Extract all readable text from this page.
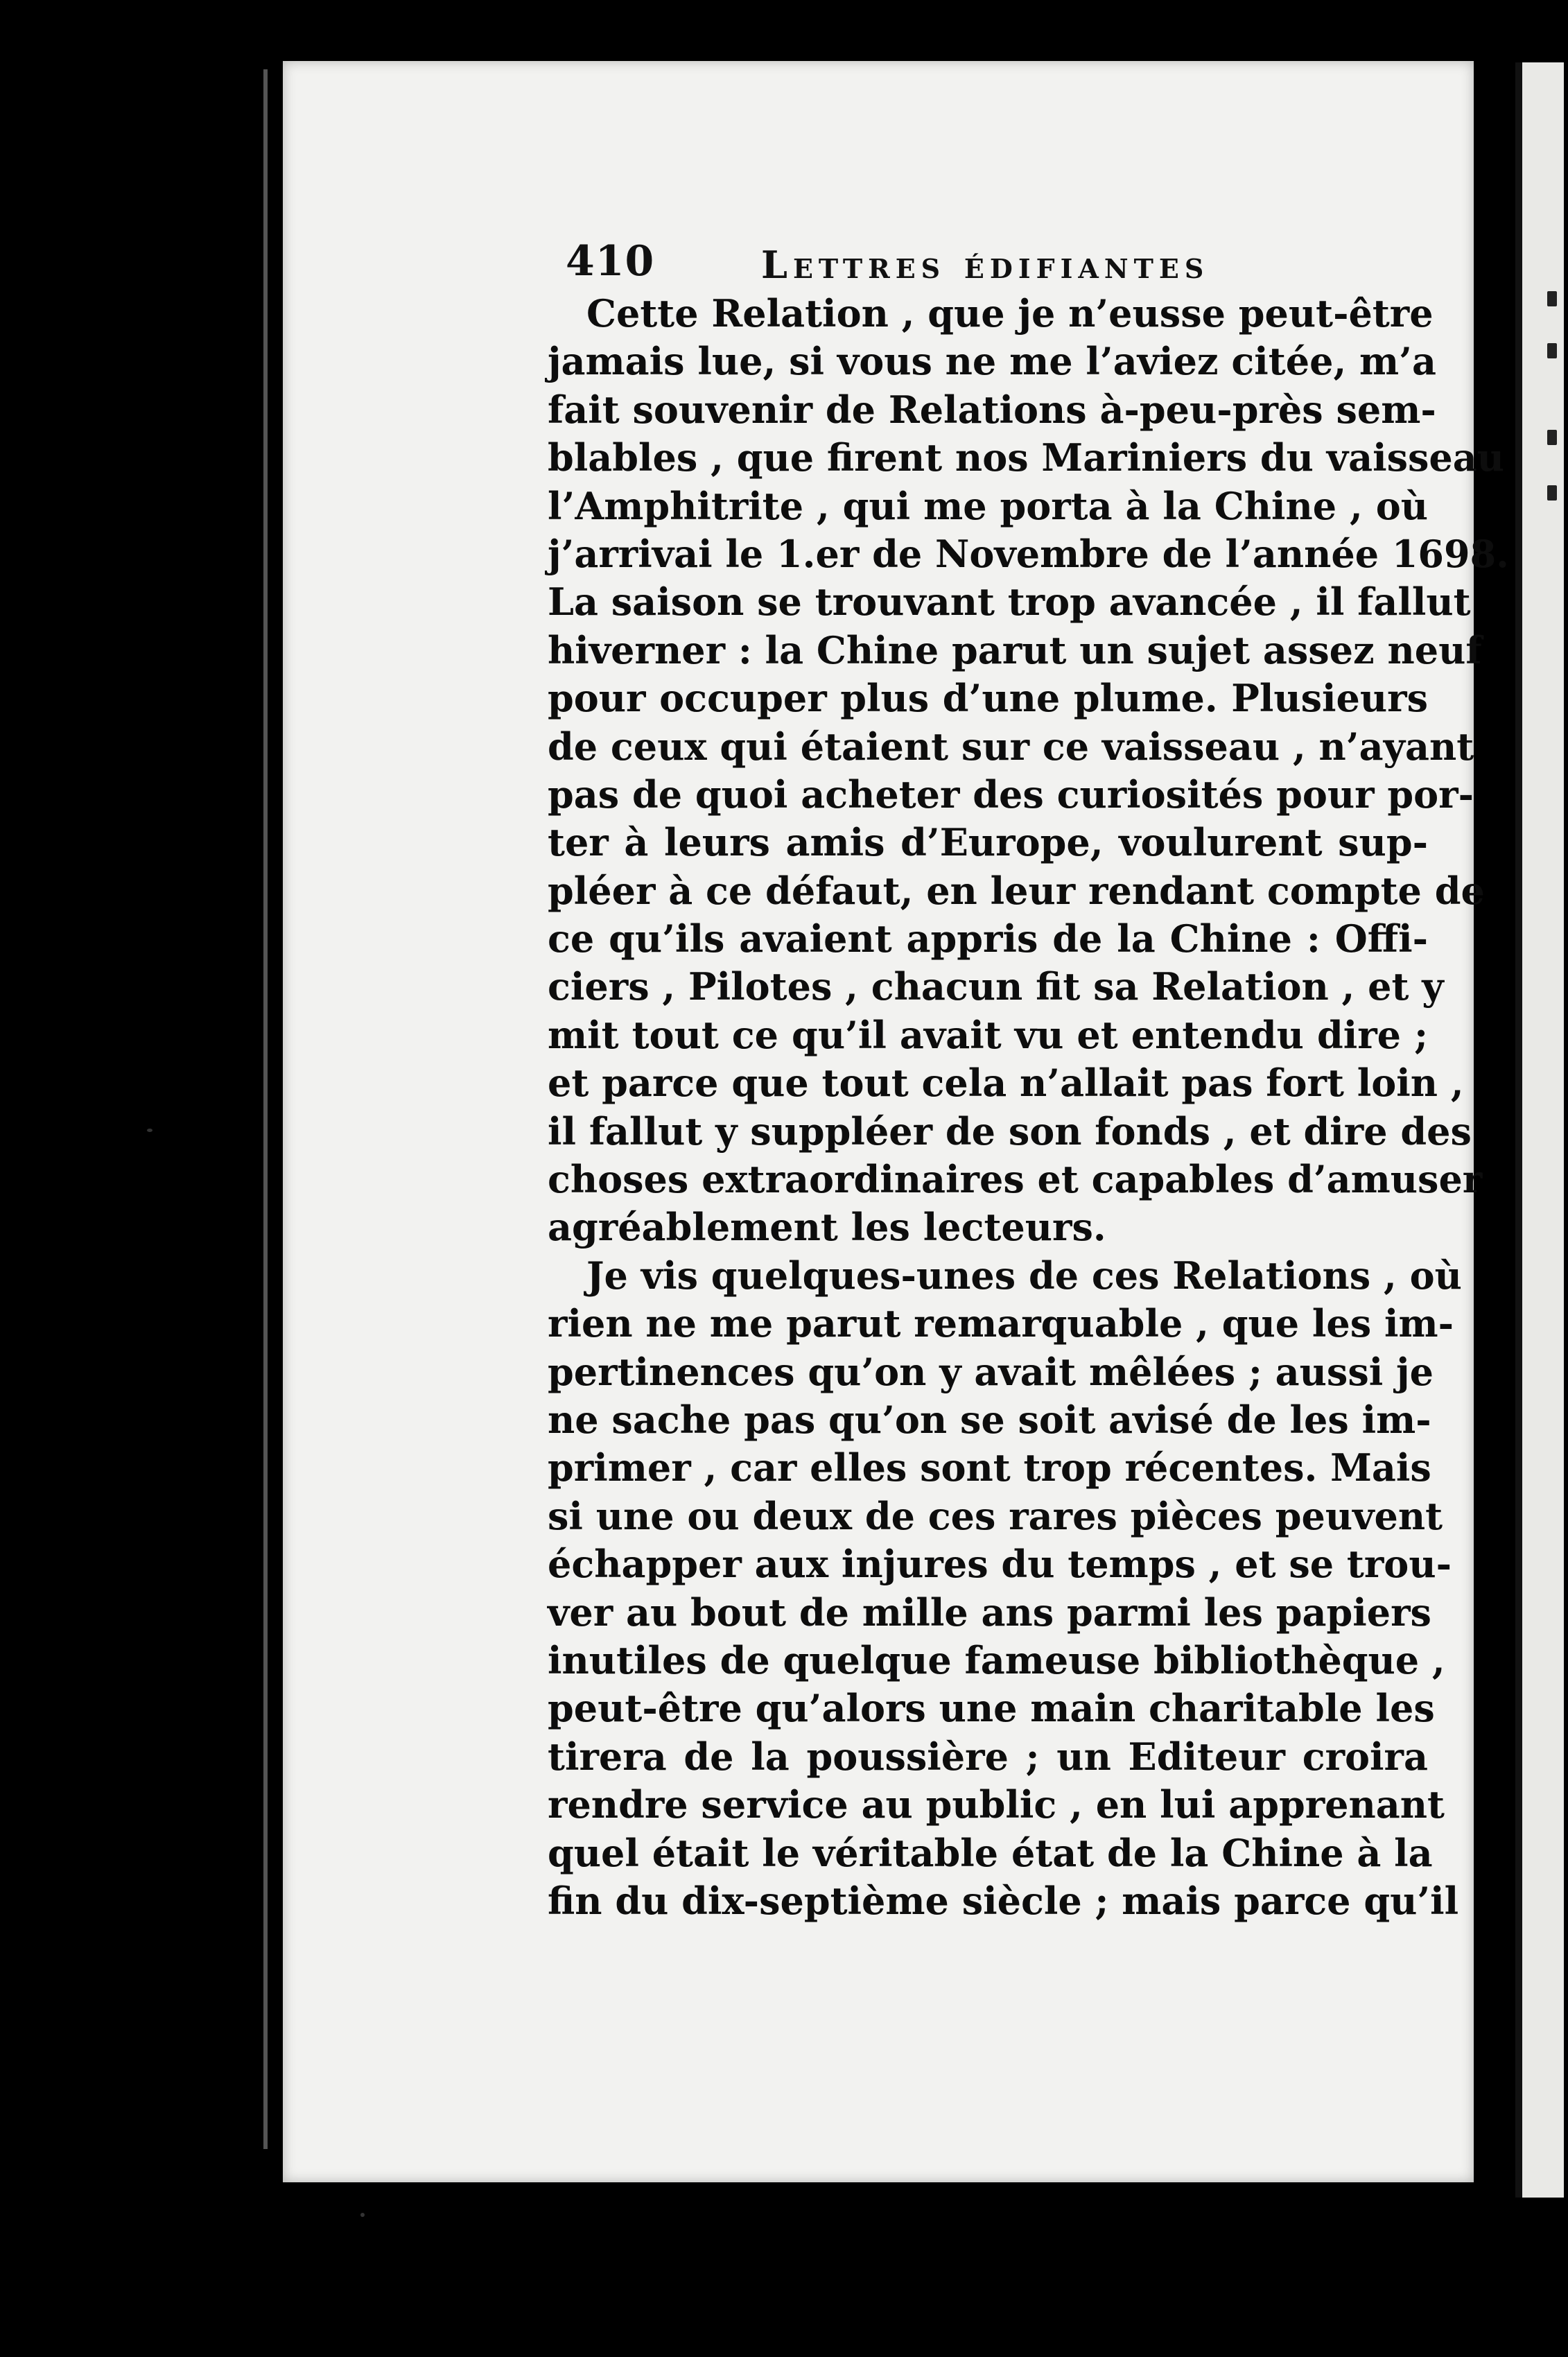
410	Lettres édifiantes
Cette Relation , que je n’eusse peut-être
jamais lue, si vous ne me l’aviez citée, m’a
fait souvenir de Relations à-peu-près sem-
blables , que firent nos Mariniers du vaisseau
l’Amphitrite , qui me porta à la Chine , où
j’arrivai le 1.er de Novembre de l’année 1698.
La saison se trouvant trop avancée , il fallut
hiverner : la Chine parut un sujet assez neuf
pour occuper plus d’une plume. Plusieurs
de ceux qui étaient sur ce vaisseau , n’ayant
pas de quoi acheter des curiosités pour por-
ter à leurs amis d’Europe, voulurent sup-
pléer à ce défaut, en leur rendant compte de
ce qu’ils avaient appris de la Chine : Offi-
ciers , Pilotes , chacun fit sa Relation , et y
mit tout ce qu’il avait vu et entendu dire ;
et parce que tout cela n’allait pas fort loin ,
il fallut y suppléer de son fonds , et dire des
choses extraordinaires et capables d’amuser
agréablement les lecteurs.
Je vis quelques-unes de ces Relations , où
rien ne me parut remarquable , que les im-
pertinences qu’on y avait mêlées ; aussi je
ne sache pas qu’on se soit avisé de les im-
primer , car elles sont trop récentes. Mais
si une ou deux de ces rares pièces peuvent
échapper aux injures du temps , et se trou-
ver au bout de mille ans parmi les papiers
inutiles de quelque fameuse bibliothèque ,
peut-être qu’alors une main charitable les
tirera de la poussière ; un Editeur croira
rendre service au public , en lui apprenant
quel était le véritable état de la Chine à la
fin du dix-septième siècle ; mais parce qu’il
